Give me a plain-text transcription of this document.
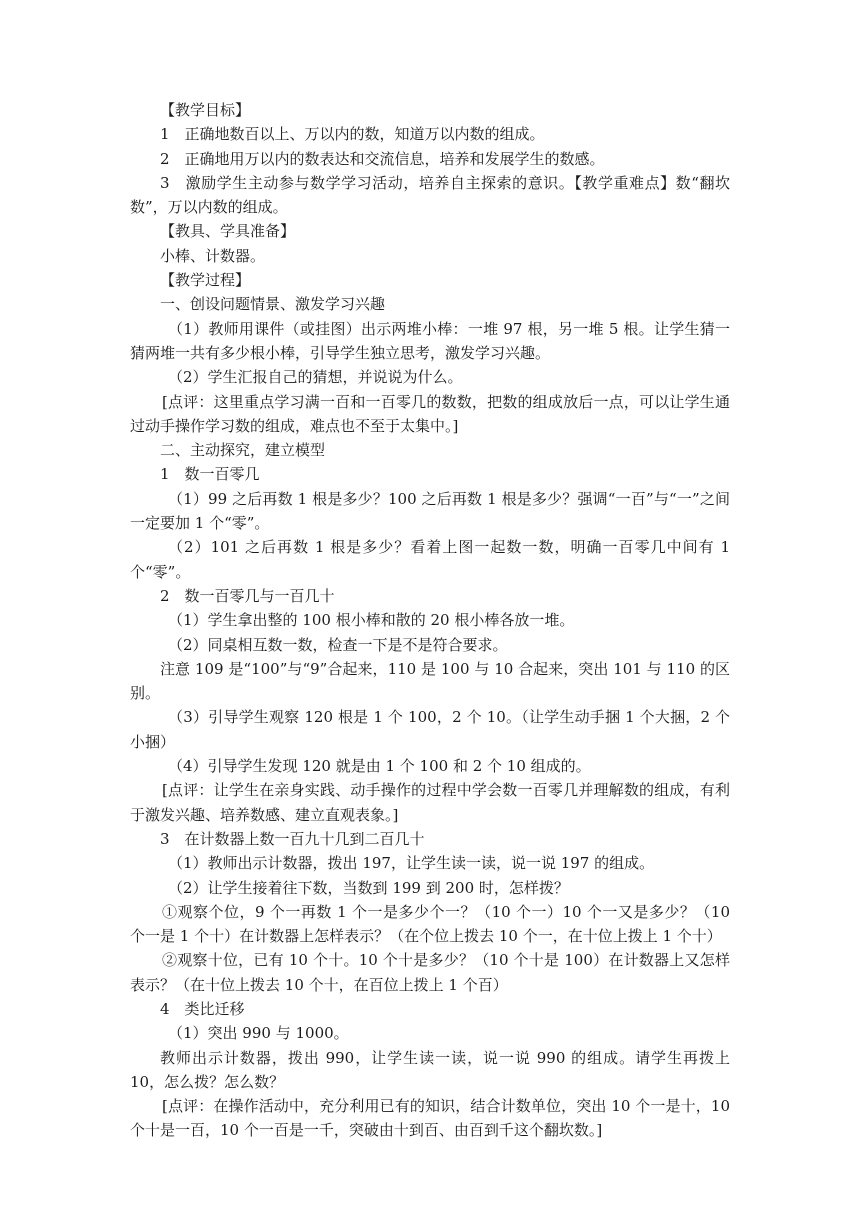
【教学目标】

1　正确地数百以上、万以内的数，知道万以内数的组成。

2　正确地用万以内的数表达和交流信息，培养和发展学生的数感。

3　激励学生主动参与数学学习活动，培养自主探索的意识。【教学重难点】数“翻坎数”，万以内数的组成。

【教具、学具准备】

小棒、计数器。

【教学过程】

一、创设问题情景、激发学习兴趣

（1）教师用课件（或挂图）出示两堆小棒：一堆 97 根，另一堆 5 根。让学生猜一猜两堆一共有多少根小棒，引导学生独立思考，激发学习兴趣。

（2）学生汇报自己的猜想，并说说为什么。

[点评：这里重点学习满一百和一百零几的数数，把数的组成放后一点，可以让学生通过动手操作学习数的组成，难点也不至于太集中。]

二、主动探究，建立模型

1　数一百零几

（1）99 之后再数 1 根是多少？100 之后再数 1 根是多少？强调“一百”与“一”之间一定要加 1 个“零”。

（2）101 之后再数 1 根是多少？看着上图一起数一数，明确一百零几中间有 1 个“零”。

2　数一百零几与一百几十

（1）学生拿出整的 100 根小棒和散的 20 根小棒各放一堆。

（2）同桌相互数一数，检查一下是不是符合要求。

注意 109 是“100”与“9”合起来，110 是 100 与 10 合起来，突出 101 与 110 的区别。

（3）引导学生观察 120 根是 1 个 100，2 个 10。（让学生动手捆 1 个大捆，2 个小捆）

（4）引导学生发现 120 就是由 1 个 100 和 2 个 10 组成的。

[点评：让学生在亲身实践、动手操作的过程中学会数一百零几并理解数的组成，有利于激发兴趣、培养数感、建立直观表象。]

3　在计数器上数一百九十几到二百几十

（1）教师出示计数器，拨出 197，让学生读一读，说一说 197 的组成。

（2）让学生接着往下数，当数到 199 到 200 时，怎样拨？

①观察个位，9 个一再数 1 个一是多少个一？（10 个一）10 个一又是多少？（10 个一是 1 个十）在计数器上怎样表示？（在个位上拨去 10 个一，在十位上拨上 1 个十）

②观察十位，已有 10 个十。10 个十是多少？（10 个十是 100）在计数器上又怎样表示？（在十位上拨去 10 个十，在百位上拨上 1 个百）

4　类比迁移

（1）突出 990 与 1000。

教师出示计数器，拨出 990，让学生读一读，说一说 990 的组成。请学生再拨上 10，怎么拨？怎么数？

[点评：在操作活动中，充分利用已有的知识，结合计数单位，突出 10 个一是十，10 个十是一百，10 个一百是一千，突破由十到百、由百到千这个翻坎数。]
